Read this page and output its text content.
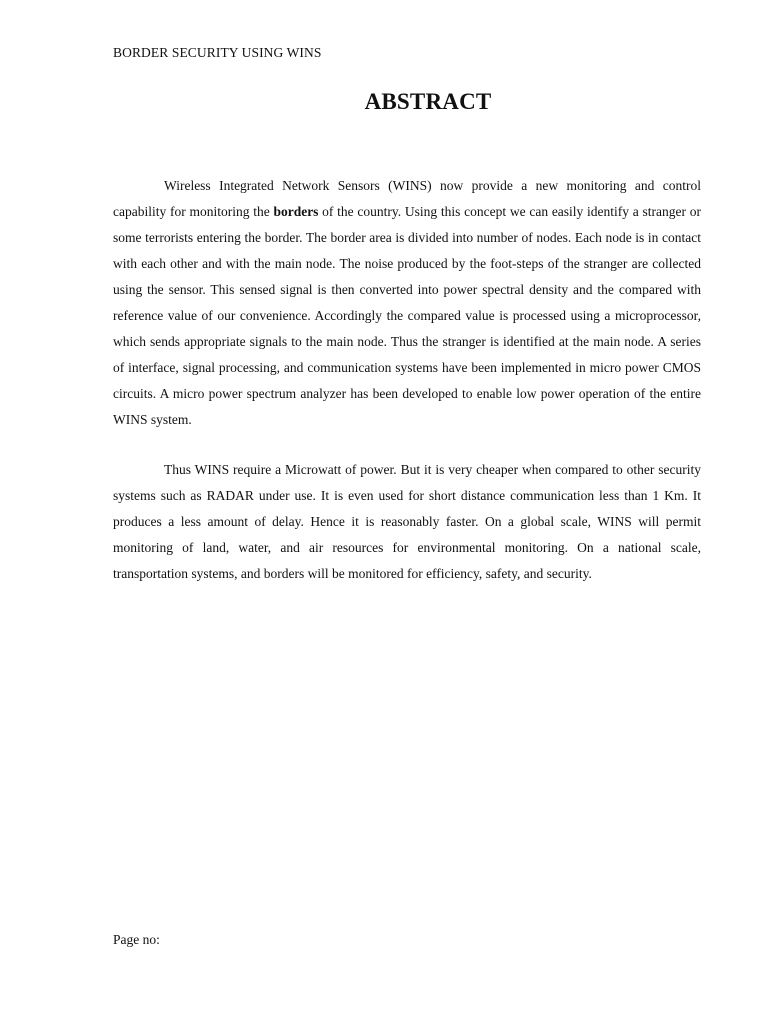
BORDER SECURITY USING WINS

ABSTRACT

Wireless Integrated Network Sensors (WINS) now provide a new monitoring and control capability for monitoring the borders of the country. Using this concept we can easily identify a stranger or some terrorists entering the border. The border area is divided into number of nodes. Each node is in contact with each other and with the main node. The noise produced by the foot-steps of the stranger are collected using the sensor. This sensed signal is then converted into power spectral density and the compared with reference value of our convenience. Accordingly the compared value is processed using a microprocessor, which sends appropriate signals to the main node. Thus the stranger is identified at the main node. A series of interface, signal processing, and communication systems have been implemented in micro power CMOS circuits. A micro power spectrum analyzer has been developed to enable low power operation of the entire WINS system.

Thus WINS require a Microwatt of power. But it is very cheaper when compared to other security systems such as RADAR under use. It is even used for short distance communication less than 1 Km. It produces a less amount of delay. Hence it is reasonably faster. On a global scale, WINS will permit monitoring of land, water, and air resources for environmental monitoring. On a national scale, transportation systems, and borders will be monitored for efficiency, safety, and security.

Page no:
